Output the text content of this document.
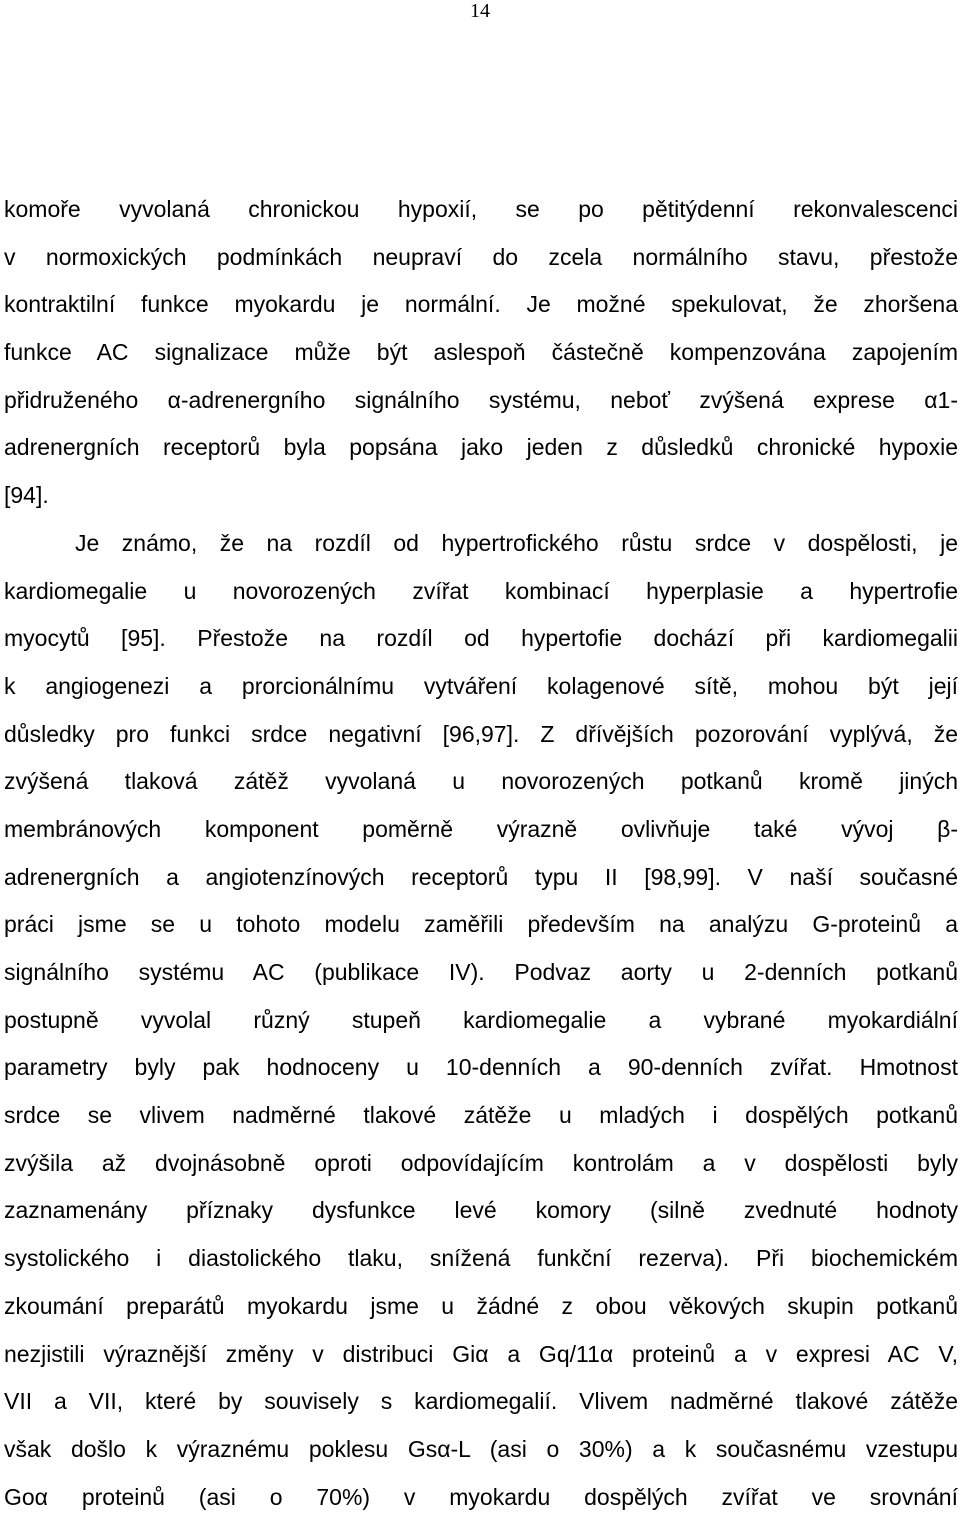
14
komoře vyvolaná chronickou hypoxií, se po pětitýdenní rekonvalescenci
v normoxických podmínkách neupraví do zcela normálního stavu, přestože
kontraktilní funkce myokardu je normální. Je možné spekulovat, že zhoršena
funkce AC signalizace může být aslespoň částečně kompenzována zapojením
přidruženého α-adrenergního signálního systému, neboť zvýšená exprese α1-
adrenergních receptorů byla popsána jako jeden z důsledků chronické hypoxie
[94].
Je známo, že na rozdíl od hypertrofického růstu srdce v dospělosti, je
kardiomegalie u novorozených zvířat kombinací hyperplasie a hypertrofie
myocytů [95]. Přestože na rozdíl od hypertofie dochází při kardiomegalii
k angiogenezi a prorcionálnímu vytváření kolagenové sítě, mohou být její
důsledky pro funkci srdce negativní [96,97]. Z dřívějších pozorování vyplývá, že
zvýšená tlaková zátěž vyvolaná u novorozených potkanů kromě jiných
membránových komponent poměrně výrazně ovlivňuje také vývoj β-
adrenergních a angiotenzínových receptorů typu II [98,99]. V naší současné
práci jsme se u tohoto modelu zaměřili především na analýzu G-proteinů a
signálního systému AC (publikace IV). Podvaz aorty u 2-denních potkanů
postupně vyvolal různý stupeň kardiomegalie a vybrané myokardiální
parametry byly pak hodnoceny u 10-denních a 90-denních zvířat. Hmotnost
srdce se vlivem nadměrné tlakové zátěže u mladých i dospělých potkanů
zvýšila až dvojnásobně oproti odpovídajícím kontrolám a v dospělosti byly
zaznamenány příznaky dysfunkce levé komory (silně zvednuté hodnoty
systolického i diastolického tlaku, snížená funkční rezerva). Při biochemickém
zkoumání preparátů myokardu jsme u žádné z obou věkových skupin potkanů
nezjistili výraznější změny v distribuci Giα a Gq/11α proteinů a v expresi AC V,
VII a VII, které by souvisely s kardiomegalií. Vlivem nadměrné tlakové zátěže
však došlo k výraznému poklesu Gsα-L (asi o 30%) a k současnému vzestupu
Goα proteinů (asi o 70%) v myokardu dospělých zvířat ve srovnání
